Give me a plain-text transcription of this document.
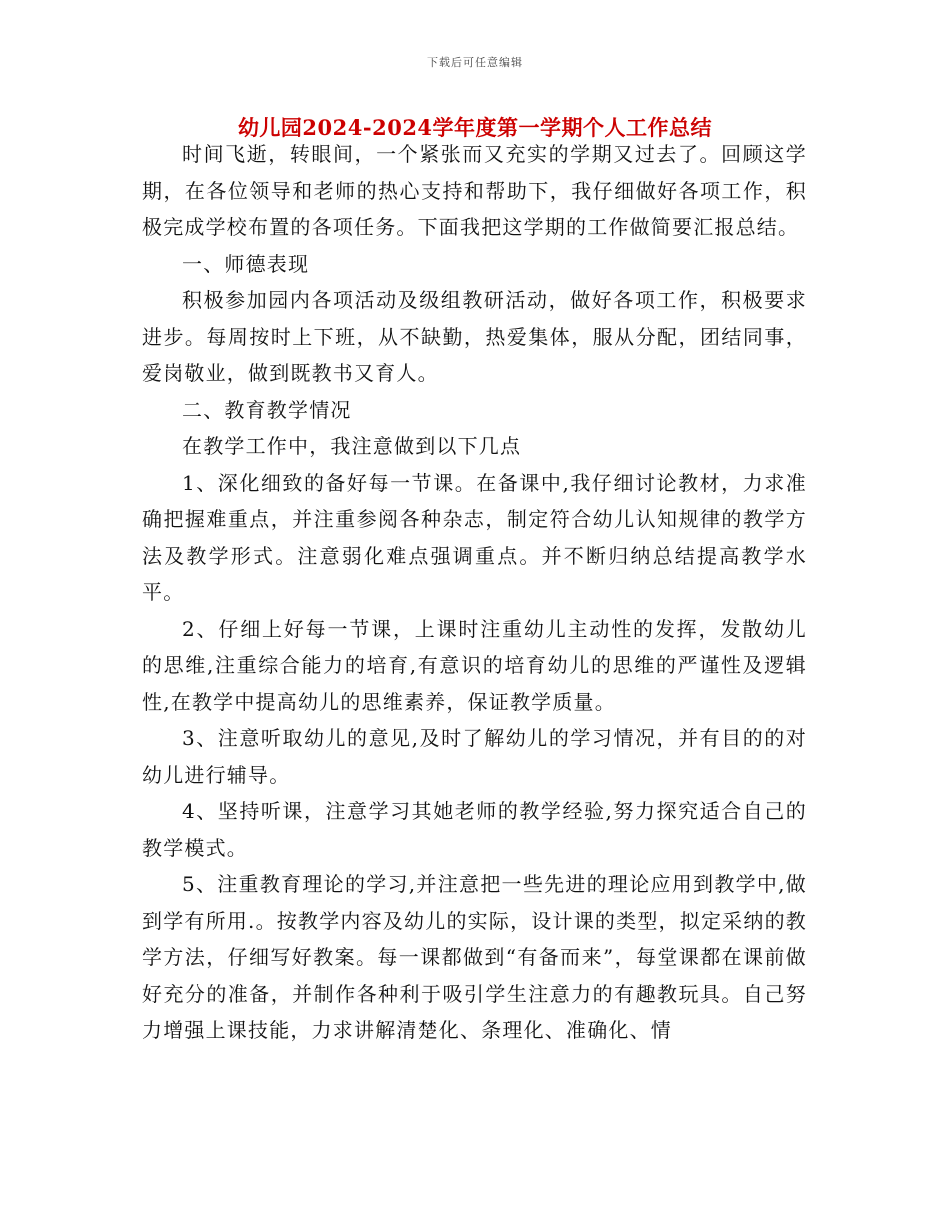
下载后可任意编辑
幼儿园2024-2024学年度第一学期个人工作总结

时间飞逝，转眼间，一个紧张而又充实的学期又过去了。回顾这学期，在各位领导和老师的热心支持和帮助下，我仔细做好各项工作，积极完成学校布置的各项任务。下面我把这学期的工作做简要汇报总结。

一、师德表现

积极参加园内各项活动及级组教研活动，做好各项工作，积极要求进步。每周按时上下班，从不缺勤，热爱集体，服从分配，团结同事，爱岗敬业，做到既教书又育人。

二、教育教学情况

在教学工作中，我注意做到以下几点

1、深化细致的备好每一节课。在备课中,我仔细讨论教材，力求准确把握难重点，并注重参阅各种杂志，制定符合幼儿认知规律的教学方法及教学形式。注意弱化难点强调重点。并不断归纳总结提高教学水平。

2、仔细上好每一节课，上课时注重幼儿主动性的发挥，发散幼儿的思维,注重综合能力的培育,有意识的培育幼儿的思维的严谨性及逻辑性,在教学中提高幼儿的思维素养，保证教学质量。

3、注意听取幼儿的意见,及时了解幼儿的学习情况，并有目的的对幼儿进行辅导。

4、坚持听课，注意学习其她老师的教学经验,努力探究适合自己的教学模式。

5、注重教育理论的学习,并注意把一些先进的理论应用到教学中,做到学有所用.。按教学内容及幼儿的实际，设计课的类型，拟定采纳的教学方法，仔细写好教案。每一课都做到“有备而来”，每堂课都在课前做好充分的准备，并制作各种利于吸引学生注意力的有趣教玩具。自己努力增强上课技能，力求讲解清楚化、条理化、准确化、情
